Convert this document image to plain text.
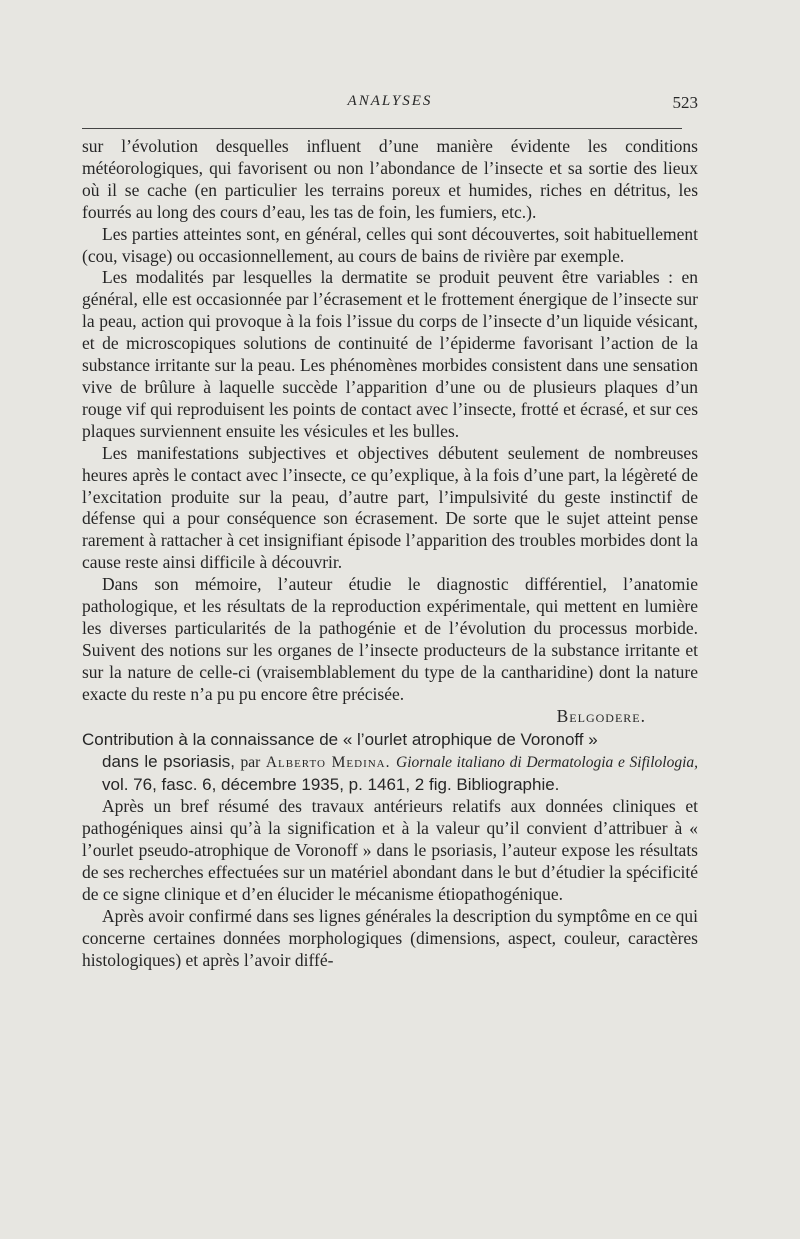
ANALYSES	523

sur l’évolution desquelles influent d’une manière évidente les conditions météorologiques, qui favorisent ou non l’abondance de l’insecte et sa sortie des lieux où il se cache (en particulier les terrains poreux et humides, riches en détritus, les fourrés au long des cours d’eau, les tas de foin, les fumiers, etc.).

Les parties atteintes sont, en général, celles qui sont découvertes, soit habituellement (cou, visage) ou occasionnellement, au cours de bains de rivière par exemple.

Les modalités par lesquelles la dermatite se produit peuvent être variables : en général, elle est occasionnée par l’écrasement et le frottement énergique de l’insecte sur la peau, action qui provoque à la fois l’issue du corps de l’insecte d’un liquide vésicant, et de microscopiques solutions de continuité de l’épiderme favorisant l’action de la substance irritante sur la peau. Les phénomènes morbides consistent dans une sensation vive de brûlure à laquelle succède l’apparition d’une ou de plusieurs plaques d’un rouge vif qui reproduisent les points de contact avec l’insecte, frotté et écrasé, et sur ces plaques surviennent ensuite les vésicules et les bulles.

Les manifestations subjectives et objectives débutent seulement de nombreuses heures après le contact avec l’insecte, ce qu’explique, à la fois d’une part, la légèreté de l’excitation produite sur la peau, d’autre part, l’impulsivité du geste instinctif de défense qui a pour conséquence son écrasement. De sorte que le sujet atteint pense rarement à rattacher à cet insignifiant épisode l’apparition des troubles morbides dont la cause reste ainsi difficile à découvrir.

Dans son mémoire, l’auteur étudie le diagnostic différentiel, l’anatomie pathologique, et les résultats de la reproduction expérimentale, qui mettent en lumière les diverses particularités de la pathogénie et de l’évolution du processus morbide. Suivent des notions sur les organes de l’insecte producteurs de la substance irritante et sur la nature de celle-ci (vraisemblablement du type de la cantharidine) dont la nature exacte du reste n’a pu pu encore être précisée.

Belgodere.

Contribution à la connaissance de « l’ourlet atrophique de Voronoff »
dans le psoriasis, par Alberto Medina. Giornale italiano di Dermatologia e Sifilologia, vol. 76, fasc. 6, décembre 1935, p. 1461, 2 fig. Bibliographie.

Après un bref résumé des travaux antérieurs relatifs aux données cliniques et pathogéniques ainsi qu’à la signification et à la valeur qu’il convient d’attribuer à « l’ourlet pseudo-atrophique de Voronoff » dans le psoriasis, l’auteur expose les résultats de ses recherches effectuées sur un matériel abondant dans le but d’étudier la spécificité de ce signe clinique et d’en élucider le mécanisme étiopathogénique.

Après avoir confirmé dans ses lignes générales la description du symptôme en ce qui concerne certaines données morphologiques (dimensions, aspect, couleur, caractères histologiques) et après l’avoir diffé-
